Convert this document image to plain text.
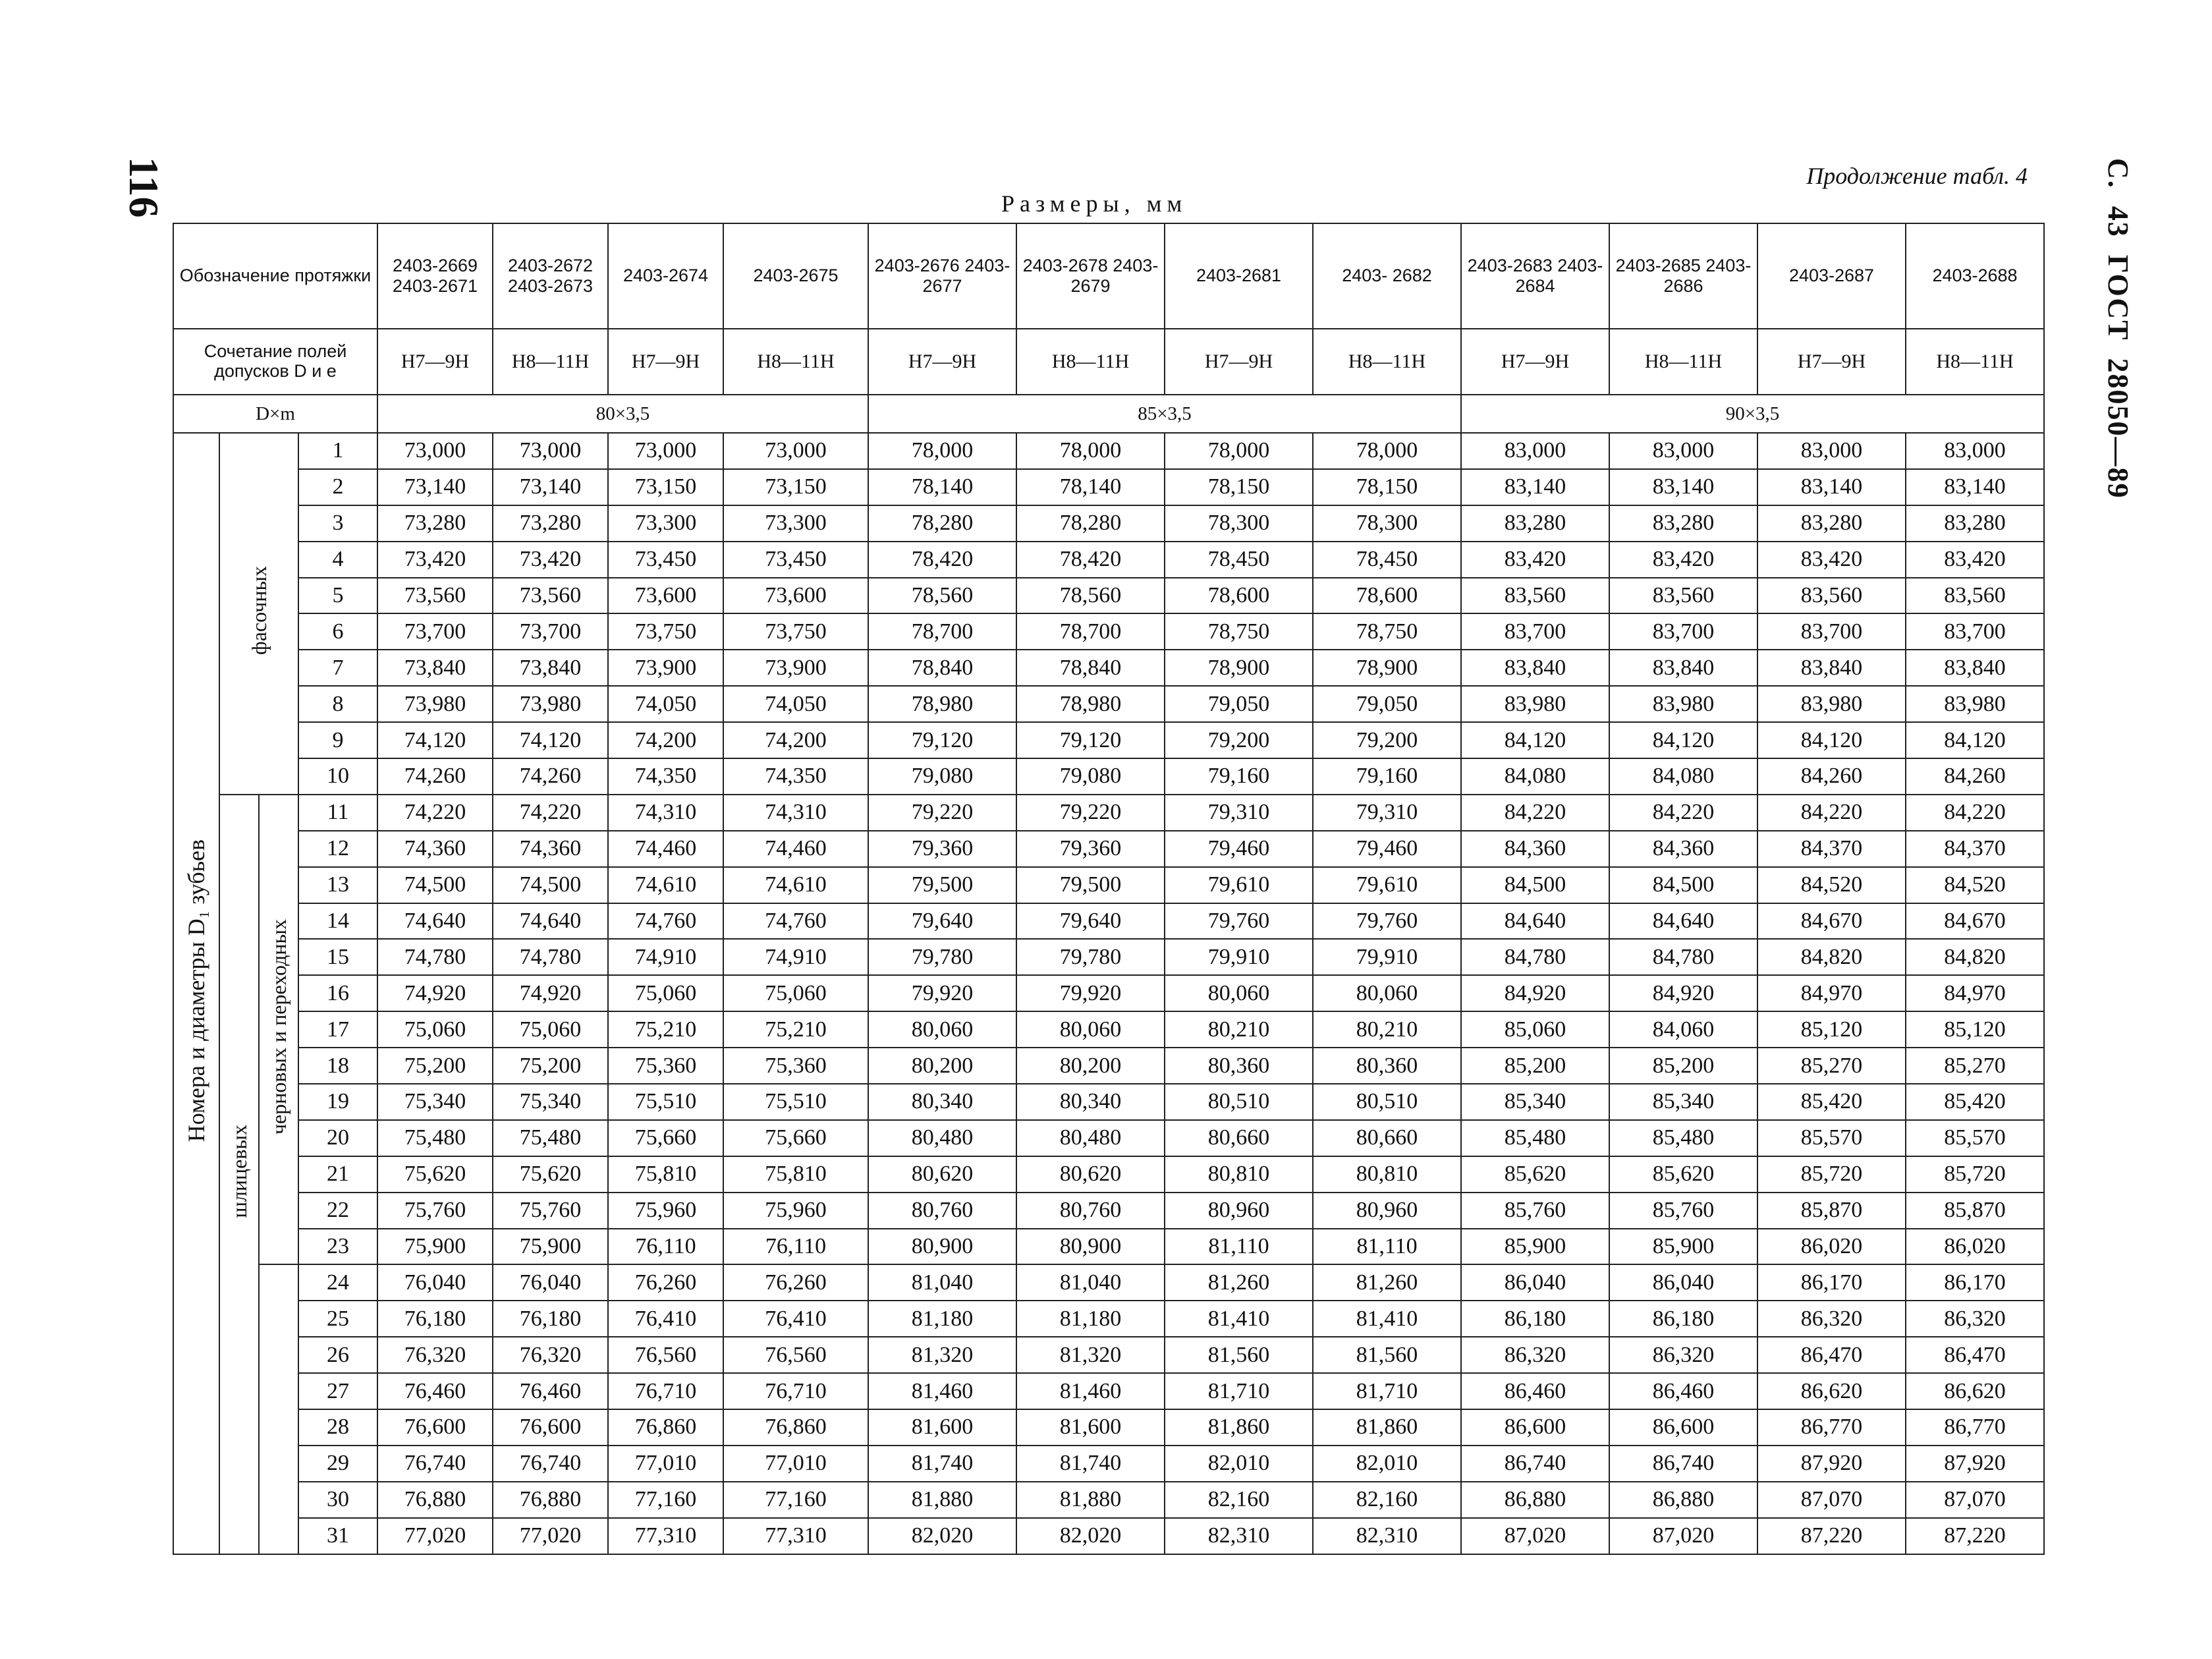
116	Продолжение табл. 4	С.  43  ГОСТ  28050—89
Размеры, мм
Обозначение протяжки				2403-2669 2403-2671	2403-2672 2403-2673	2403-2674	2403-2675	2403-2676 2403-2677	2403-2678 2403-2679	2403-2681	2403- 2682	2403-2683 2403-2684	2403-2685 2403-2686	2403-2687	2403-2688
Сочетание полей допусков D и e				H7—9H	H8—11H	H7—9H	H8—11H	H7—9H	H8—11H	H7—9H	H8—11H	H7—9H	H8—11H	H7—9H	H8—11H
D×m				80×3,5				85×3,5				90×3,5			
Номера и диаметры D₁ зубьев	фасочных		1	73,000	73,000	73,000	73,000	78,000	78,000	78,000	78,000	83,000	83,000	83,000	83,000
			2	73,140	73,140	73,150	73,150	78,140	78,140	78,150	78,150	83,140	83,140	83,140	83,140
			3	73,280	73,280	73,300	73,300	78,280	78,280	78,300	78,300	83,280	83,280	83,280	83,280
			4	73,420	73,420	73,450	73,450	78,420	78,420	78,450	78,450	83,420	83,420	83,420	83,420
			5	73,560	73,560	73,600	73,600	78,560	78,560	78,600	78,600	83,560	83,560	83,560	83,560
			6	73,700	73,700	73,750	73,750	78,700	78,700	78,750	78,750	83,700	83,700	83,700	83,700
			7	73,840	73,840	73,900	73,900	78,840	78,840	78,900	78,900	83,840	83,840	83,840	83,840
			8	73,980	73,980	74,050	74,050	78,980	78,980	79,050	79,050	83,980	83,980	83,980	83,980
			9	74,120	74,120	74,200	74,200	79,120	79,120	79,200	79,200	84,120	84,120	84,120	84,120
			10	74,260	74,260	74,350	74,350	79,080	79,080	79,160	79,160	84,080	84,080	84,260	84,260
	шлицевых	черновых и переходных	11	74,220	74,220	74,310	74,310	79,220	79,220	79,310	79,310	84,220	84,220	84,220	84,220
			12	74,360	74,360	74,460	74,460	79,360	79,360	79,460	79,460	84,360	84,360	84,370	84,370
			13	74,500	74,500	74,610	74,610	79,500	79,500	79,610	79,610	84,500	84,500	84,520	84,520
			14	74,640	74,640	74,760	74,760	79,640	79,640	79,760	79,760	84,640	84,640	84,670	84,670
			15	74,780	74,780	74,910	74,910	79,780	79,780	79,910	79,910	84,780	84,780	84,820	84,820
			16	74,920	74,920	75,060	75,060	79,920	79,920	80,060	80,060	84,920	84,920	84,970	84,970
			17	75,060	75,060	75,210	75,210	80,060	80,060	80,210	80,210	85,060	84,060	85,120	85,120
			18	75,200	75,200	75,360	75,360	80,200	80,200	80,360	80,360	85,200	85,200	85,270	85,270
			19	75,340	75,340	75,510	75,510	80,340	80,340	80,510	80,510	85,340	85,340	85,420	85,420
			20	75,480	75,480	75,660	75,660	80,480	80,480	80,660	80,660	85,480	85,480	85,570	85,570
			21	75,620	75,620	75,810	75,810	80,620	80,620	80,810	80,810	85,620	85,620	85,720	85,720
			22	75,760	75,760	75,960	75,960	80,760	80,760	80,960	80,960	85,760	85,760	85,870	85,870
			23	75,900	75,900	76,110	76,110	80,900	80,900	81,110	81,110	85,900	85,900	86,020	86,020
			24	76,040	76,040	76,260	76,260	81,040	81,040	81,260	81,260	86,040	86,040	86,170	86,170
			25	76,180	76,180	76,410	76,410	81,180	81,180	81,410	81,410	86,180	86,180	86,320	86,320
			26	76,320	76,320	76,560	76,560	81,320	81,320	81,560	81,560	86,320	86,320	86,470	86,470
			27	76,460	76,460	76,710	76,710	81,460	81,460	81,710	81,710	86,460	86,460	86,620	86,620
			28	76,600	76,600	76,860	76,860	81,600	81,600	81,860	81,860	86,600	86,600	86,770	86,770
			29	76,740	76,740	77,010	77,010	81,740	81,740	82,010	82,010	86,740	86,740	87,920	87,920
			30	76,880	76,880	77,160	77,160	81,880	81,880	82,160	82,160	86,880	86,880	87,070	87,070
			31	77,020	77,020	77,310	77,310	82,020	82,020	82,310	82,310	87,020	87,020	87,220	87,220
